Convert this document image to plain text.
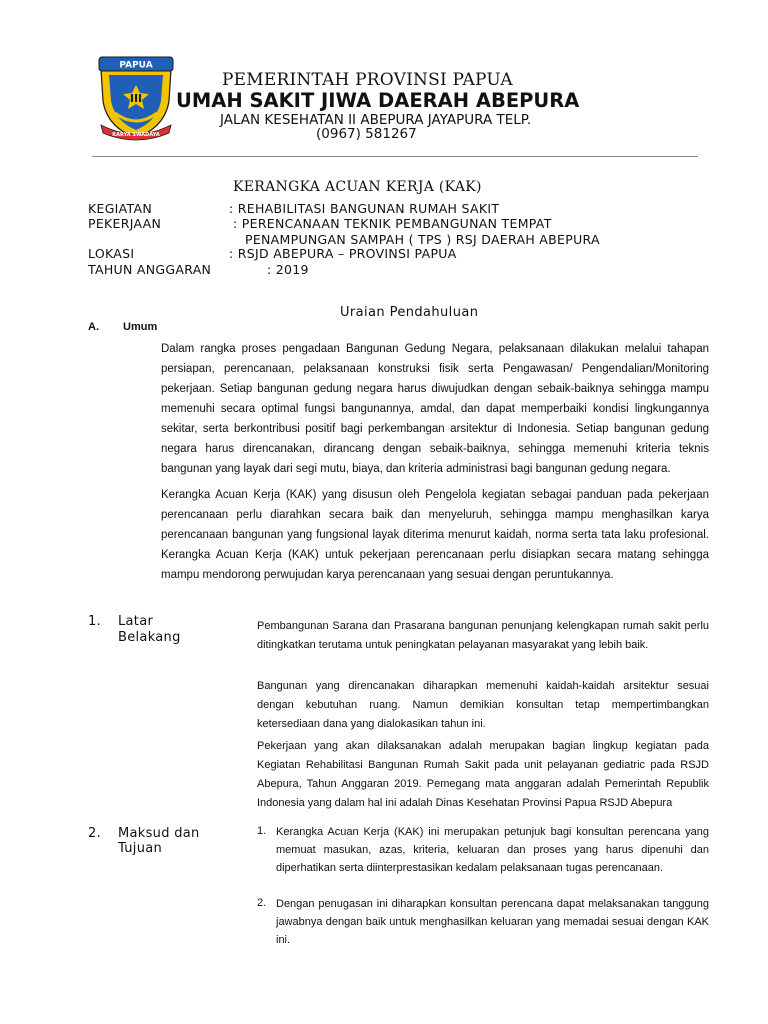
III
PAPUA
KARYA SWADAYA
PEMERINTAH PROVINSI PAPUA
UMAH SAKIT JIWA DAERAH ABEPURA
JALAN KESEHATAN II ABEPURA JAYAPURA TELP.
(0967) 581267
KERANGKA ACUAN KERJA (KAK)
KEGIATAN	: REHABILITASI BANGUNAN RUMAH SAKIT
PEKERJAAN	: PERENCANAAN TEKNIK PEMBANGUNAN TEMPAT
PENAMPUNGAN SAMPAH ( TPS ) RSJ DAERAH ABEPURA
LOKASI	: RSJD ABEPURA – PROVINSI PAPUA
TAHUN ANGGARAN	: 2019
Uraian Pendahuluan
A. Umum

Dalam rangka proses pengadaan Bangunan Gedung Negara, pelaksanaan dilakukan melalui tahapan persiapan, perencanaan, pelaksanaan konstruksi fisik serta Pengawasan/ Pengendalian/Monitoring pekerjaan. Setiap bangunan gedung negara harus diwujudkan dengan sebaik-baiknya sehingga mampu memenuhi secara optimal fungsi bangunannya, amdal, dan dapat memperbaiki kondisi lingkungannya sekitar, serta berkontribusi positif bagi perkembangan arsitektur di Indonesia. Setiap bangunan gedung negara harus direncanakan, dirancang dengan sebaik-baiknya, sehingga memenuhi kriteria teknis bangunan yang layak dari segi mutu, biaya, dan kriteria administrasi bagi bangunan gedung negara.

Kerangka Acuan Kerja (KAK) yang disusun oleh Pengelola kegiatan sebagai panduan pada pekerjaan perencanaan perlu diarahkan secara baik dan menyeluruh, sehingga mampu menghasilkan karya perencanaan bangunan yang fungsional layak diterima menurut kaidah, norma serta tata laku profesional. Kerangka Acuan Kerja (KAK) untuk pekerjaan perencanaan perlu disiapkan secara matang sehingga mampu mendorong perwujudan karya perencanaan yang sesuai dengan peruntukannya.

1. Latar
Belakang

Pembangunan Sarana dan Prasarana bangunan penunjang kelengkapan rumah sakit perlu ditingkatkan terutama untuk peningkatan pelayanan masyarakat yang lebih baik.

Bangunan yang direncanakan diharapkan memenuhi kaidah-kaidah arsitektur sesuai dengan kebutuhan ruang. Namun demikian konsultan tetap mempertimbangkan ketersediaan dana yang dialokasikan tahun ini.

Pekerjaan yang akan dilaksanakan adalah merupakan bagian lingkup kegiatan pada Kegiatan Rehabilitasi Bangunan Rumah Sakit pada unit pelayanan gediatric pada RSJD Abepura, Tahun Anggaran 2019. Pemegang mata anggaran adalah Pemerintah Republik Indonesia yang dalam hal ini adalah Dinas Kesehatan Provinsi Papua RSJD Abepura

2. Maksud dan
Tujuan
1. Kerangka Acuan Kerja (KAK) ini merupakan petunjuk bagi konsultan perencana yang memuat masukan, azas, kriteria, keluaran dan proses yang harus dipenuhi dan diperhatikan serta diinterprestasikan kedalam pelaksanaan tugas perencanaan.

2. Dengan penugasan ini diharapkan konsultan perencana dapat melaksanakan tanggung jawabnya dengan baik untuk menghasilkan keluaran yang memadai sesuai dengan KAK ini.
